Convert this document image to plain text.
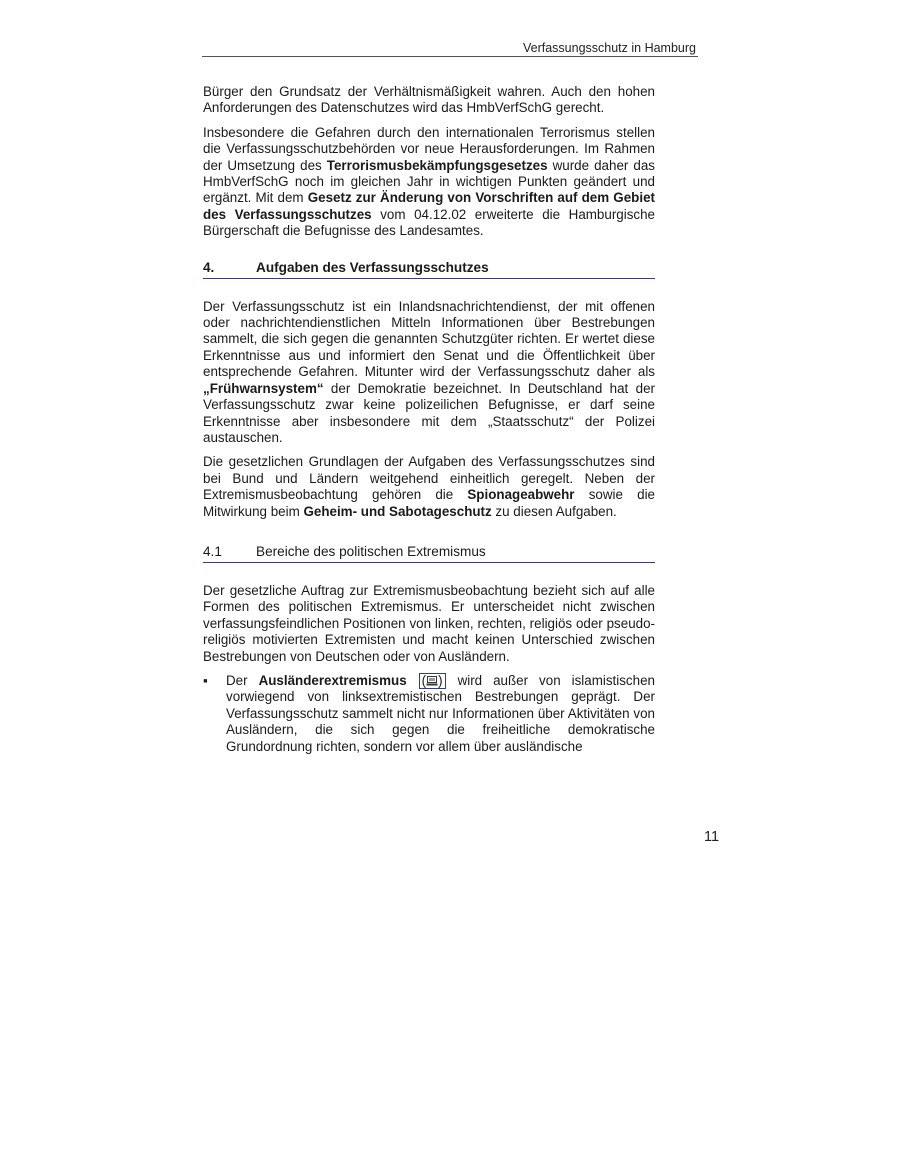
Verfassungsschutz in Hamburg

Bürger den Grundsatz der Verhältnismäßigkeit wahren. Auch den hohen Anforderungen des Datenschutzes wird das HmbVerfSchG gerecht.

Insbesondere die Gefahren durch den internationalen Terrorismus stellen die Verfassungsschutzbehörden vor neue Herausforderungen. Im Rahmen der Umsetzung des Terrorismusbekämpfungsgesetzes wurde daher das HmbVerfSchG noch im gleichen Jahr in wichtigen Punkten geändert und ergänzt. Mit dem Gesetz zur Änderung von Vorschriften auf dem Gebiet des Verfassungsschutzes vom 04.12.02 erweiterte die Hamburgische Bürgerschaft die Befugnisse des Landesamtes.

4.	Aufgaben des Verfassungsschutzes

Der Verfassungsschutz ist ein Inlandsnachrichtendienst, der mit offenen oder nachrichtendienstlichen Mitteln Informationen über Bestrebungen sammelt, die sich gegen die genannten Schutzgüter richten. Er wertet diese Erkenntnisse aus und informiert den Senat und die Öffentlichkeit über entsprechende Gefahren. Mitunter wird der Verfassungsschutz daher als „Frühwarnsystem“ der Demokratie bezeichnet. In Deutschland hat der Verfassungsschutz zwar keine polizeilichen Befugnisse, er darf seine Erkenntnisse aber insbesondere mit dem „Staatsschutz“ der Polizei austauschen.

Die gesetzlichen Grundlagen der Aufgaben des Verfassungsschutzes sind bei Bund und Ländern weitgehend einheitlich geregelt. Neben der Extremismusbeobachtung gehören die Spionageabwehr sowie die Mitwirkung beim Geheim- und Sabotageschutz zu diesen Aufgaben.

4.1	Bereiche des politischen Extremismus

Der gesetzliche Auftrag zur Extremismusbeobachtung bezieht sich auf alle Formen des politischen Extremismus. Er unterscheidet nicht zwischen verfassungsfeindlichen Positionen von linken, rechten, religiös oder pseudo-religiös motivierten Extremisten und macht keinen Unterschied zwischen Bestrebungen von Deutschen oder von Ausländern.

▪ Der Ausländerextremismus ( ) wird außer von islamistischen vorwiegend von linksextremistischen Bestrebungen geprägt. Der Verfassungsschutz sammelt nicht nur Informationen über Aktivitäten von Ausländern, die sich gegen die freiheitliche demokratische Grundordnung richten, sondern vor allem über ausländische
11
